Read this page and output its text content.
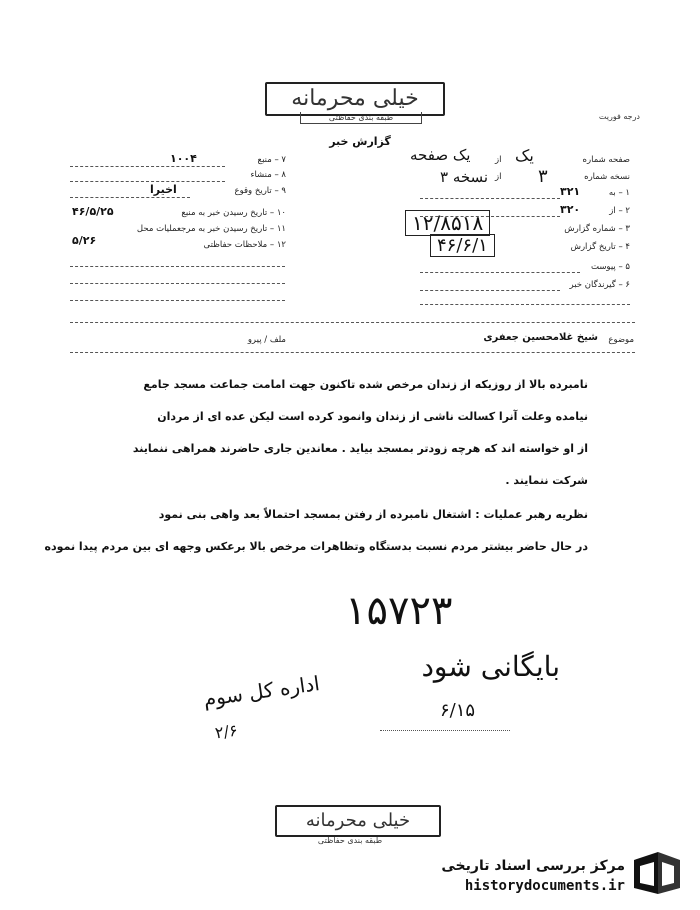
خیلی محرمانه
طبقه بندی حفاظتی	درجه فوریت
گزارش خبر
۷ – منبع
۱۰۰۴
۸ – منشاء
۹ – تاریخ وقوع
اخیرا
۱۰ – تاریخ رسیدن خبر به منبع
۴۶/۵/۲۵
۱۱ – تاریخ رسیدن خبر به مرجعملیات محل
۵/۲۶	۱۲ – ملاحظات حفاظتی
صفحه شماره
یک
از
یک صفحه
نسخه شماره
۳
از
۳ نسخه
۱ – به
۳۲۱
۲ – از
۳۲۰
۳ – شماره گزارش
۱۲/۸۵۱۸
۴ – تاریخ گزارش
۴۶/۶/۱
۵ – پیوست
۶ – گیرندگان خبر
موضوع
شیخ غلامحسین جعفری
ملف / پیرو
نامبرده بالا از روزیکه از زندان مرخص شده تاکنون جهت امامت جماعت مسجد جامع
نیامده وعلت آنرا کسالت ناشی از زندان وانمود کرده است لیکن عده ای از مردان
از او خواسته اند که هرچه زودتر بمسجد بیاید . معاندین جاری حاضرند همراهی ننمایند
شرکت ننمایند .
نظریه رهبر عملیات : اشتغال نامبرده از رفتن بمسجد احتمالاً بعد واهی بنی نمود
در حال حاضر بیشتر مردم نسبت بدستگاه وتظاهرات مرخص بالا برعکس وجهه ای بین مردم پیدا نموده
۱۵۷۲۳
بایگانی شود
۶/۱۵
اداره کل سوم
۲/۶
خیلی محرمانه
طبقه بندی حفاظتی
مرکز بررسی اسناد تاریخی
historydocuments.ir
